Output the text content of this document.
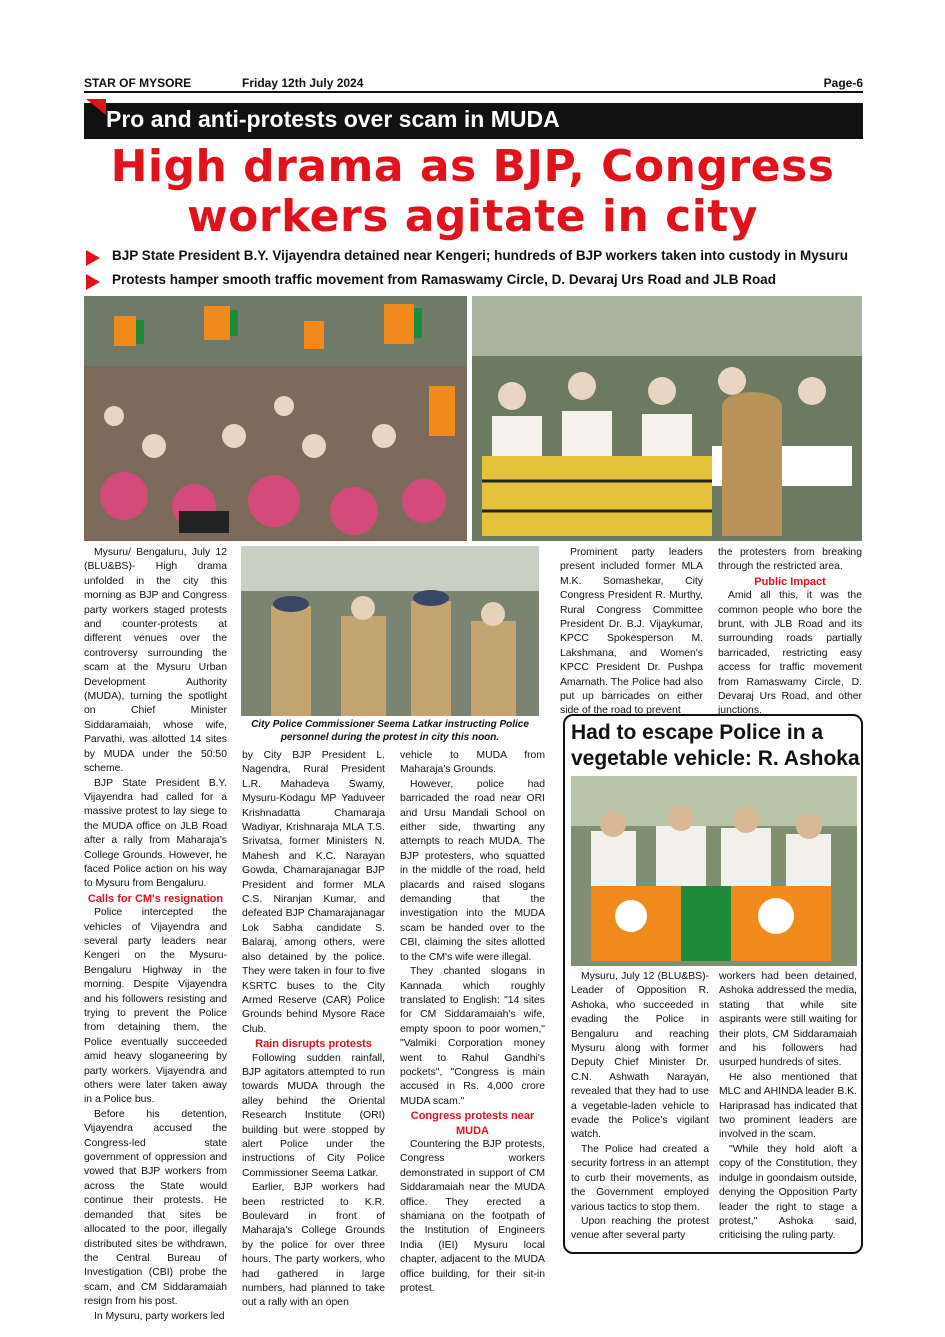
STAR OF MYSORE	Friday 12th July 2024	Page-6
Pro and anti-protests over scam in MUDA
High drama as BJP, Congress
workers agitate in city
BJP State President B.Y. Vijayendra detained near Kengeri; hundreds of BJP workers taken into custody in Mysuru
Protests hamper smooth traffic movement from Ramaswamy Circle, D. Devaraj Urs Road and JLB Road
City Police Commissioner Seema Latkar instructing Police personnel during the protest in city this noon.

Mysuru/ Bengaluru, July 12 (BLU&BS)- High drama unfolded in the city this morning as BJP and Congress party workers staged protests and counter-protests at different venues over the controversy surrounding the scam at the Mysuru Urban Development Authority (MUDA), turning the spotlight on Chief Minister Siddaramaiah, whose wife, Parvathi, was allotted 14 sites by MUDA under the 50:50 scheme.

BJP State President B.Y. Vijayendra had called for a massive protest to lay siege to the MUDA office on JLB Road after a rally from Maharaja's College Grounds. However, he faced Police action on his way to Mysuru from Bengaluru.

Calls for CM's resignation

Police intercepted the vehicles of Vijayendra and several party leaders near Kengeri on the Mysuru-Bengaluru Highway in the morning. Despite Vijayendra and his followers resisting and trying to prevent the Police from detaining them, the Police eventually succeeded amid heavy sloganeering by party workers. Vijayendra and others were later taken away in a Police bus.

Before his detention, Vijayendra accused the Congress-led state government of oppression and vowed that BJP workers from across the State would continue their protests. He demanded that sites be allocated to the poor, illegally distributed sites be withdrawn, the Central Bureau of Investigation (CBI) probe the scam, and CM Siddaramaiah resign from his post.

In Mysuru, party workers led

by City BJP President L. Nagendra, Rural President L.R. Mahadeva Swamy, Mysuru-Kodagu MP Yaduveer Krishnadatta Chamaraja Wadiyar, Krishnaraja MLA T.S. Srivatsa, former Ministers N. Mahesh and K.C. Narayan Gowda, Chamarajanagar BJP President and former MLA C.S. Niranjan Kumar, and defeated BJP Chamarajanagar Lok Sabha candidate S. Balaraj, among others, were also detained by the police. They were taken in four to five KSRTC buses to the City Armed Reserve (CAR) Police Grounds behind Mysore Race Club.

Rain disrupts protests

Following sudden rainfall, BJP agitators attempted to run towards MUDA through the alley behind the Oriental Research Institute (ORI) building but were stopped by alert Police under the instructions of City Police Commissioner Seema Latkar.

Earlier, BJP workers had been restricted to K.R. Boulevard in front of Maharaja's College Grounds by the police for over three hours. The party workers, who had gathered in large numbers, had planned to take out a rally with an open

vehicle to MUDA from Maharaja's Grounds.

However, police had barricaded the road near ORI and Ursu Mandali School on either side, thwarting any attempts to reach MUDA. The BJP protesters, who squatted in the middle of the road, held placards and raised slogans demanding that the investigation into the MUDA scam be handed over to the CBI, claiming the sites allotted to the CM's wife were illegal.

They chanted slogans in Kannada which roughly translated to English: "14 sites for CM Siddaramaiah's wife, empty spoon to poor women," "Valmiki Corporation money went to Rahul Gandhi's pockets", "Congress is main accused in Rs. 4,000 crore MUDA scam."

Congress protests near MUDA

Countering the BJP protests, Congress workers demonstrated in support of CM Siddaramaiah near the MUDA office. They erected a shamiana on the footpath of the Institution of Engineers India (IEI) Mysuru local chapter, adjacent to the MUDA office building, for their sit-in protest.

Prominent party leaders present included former MLA M.K. Somashekar, City Congress President R. Murthy, Rural Congress Committee President Dr. B.J. Vijaykumar, KPCC Spokesperson M. Lakshmana, and Women's KPCC President Dr. Pushpa Amarnath. The Police had also put up barricades on either side of the road to prevent

the protesters from breaking through the restricted area.

Public Impact

Amid all this, it was the common people who bore the brunt, with JLB Road and its surrounding roads partially barricaded, restricting easy access for traffic movement from Ramaswamy Circle, D. Devaraj Urs Road, and other junctions.

Had to escape Police in a vegetable vehicle: R. Ashoka

Mysuru, July 12 (BLU&BS)-Leader of Opposition R. Ashoka, who succeeded in evading the Police in Bengaluru and reaching Mysuru along with former Deputy Chief Minister Dr. C.N. Ashwath Narayan, revealed that they had to use a vegetable-laden vehicle to evade the Police's vigilant watch.

The Police had created a security fortress in an attempt to curb their movements, as the Government employed various tactics to stop them.

Upon reaching the protest venue after several party

workers had been detained, Ashoka addressed the media, stating that while site aspirants were still waiting for their plots, CM Siddaramaiah and his followers had usurped hundreds of sites.

He also mentioned that MLC and AHINDA leader B.K. Hariprasad has indicated that two prominent leaders are involved in the scam.

"While they hold aloft a copy of the Constitution, they indulge in goondaism outside, denying the Opposition Party leader the right to stage a protest," Ashoka said, criticising the ruling party.
